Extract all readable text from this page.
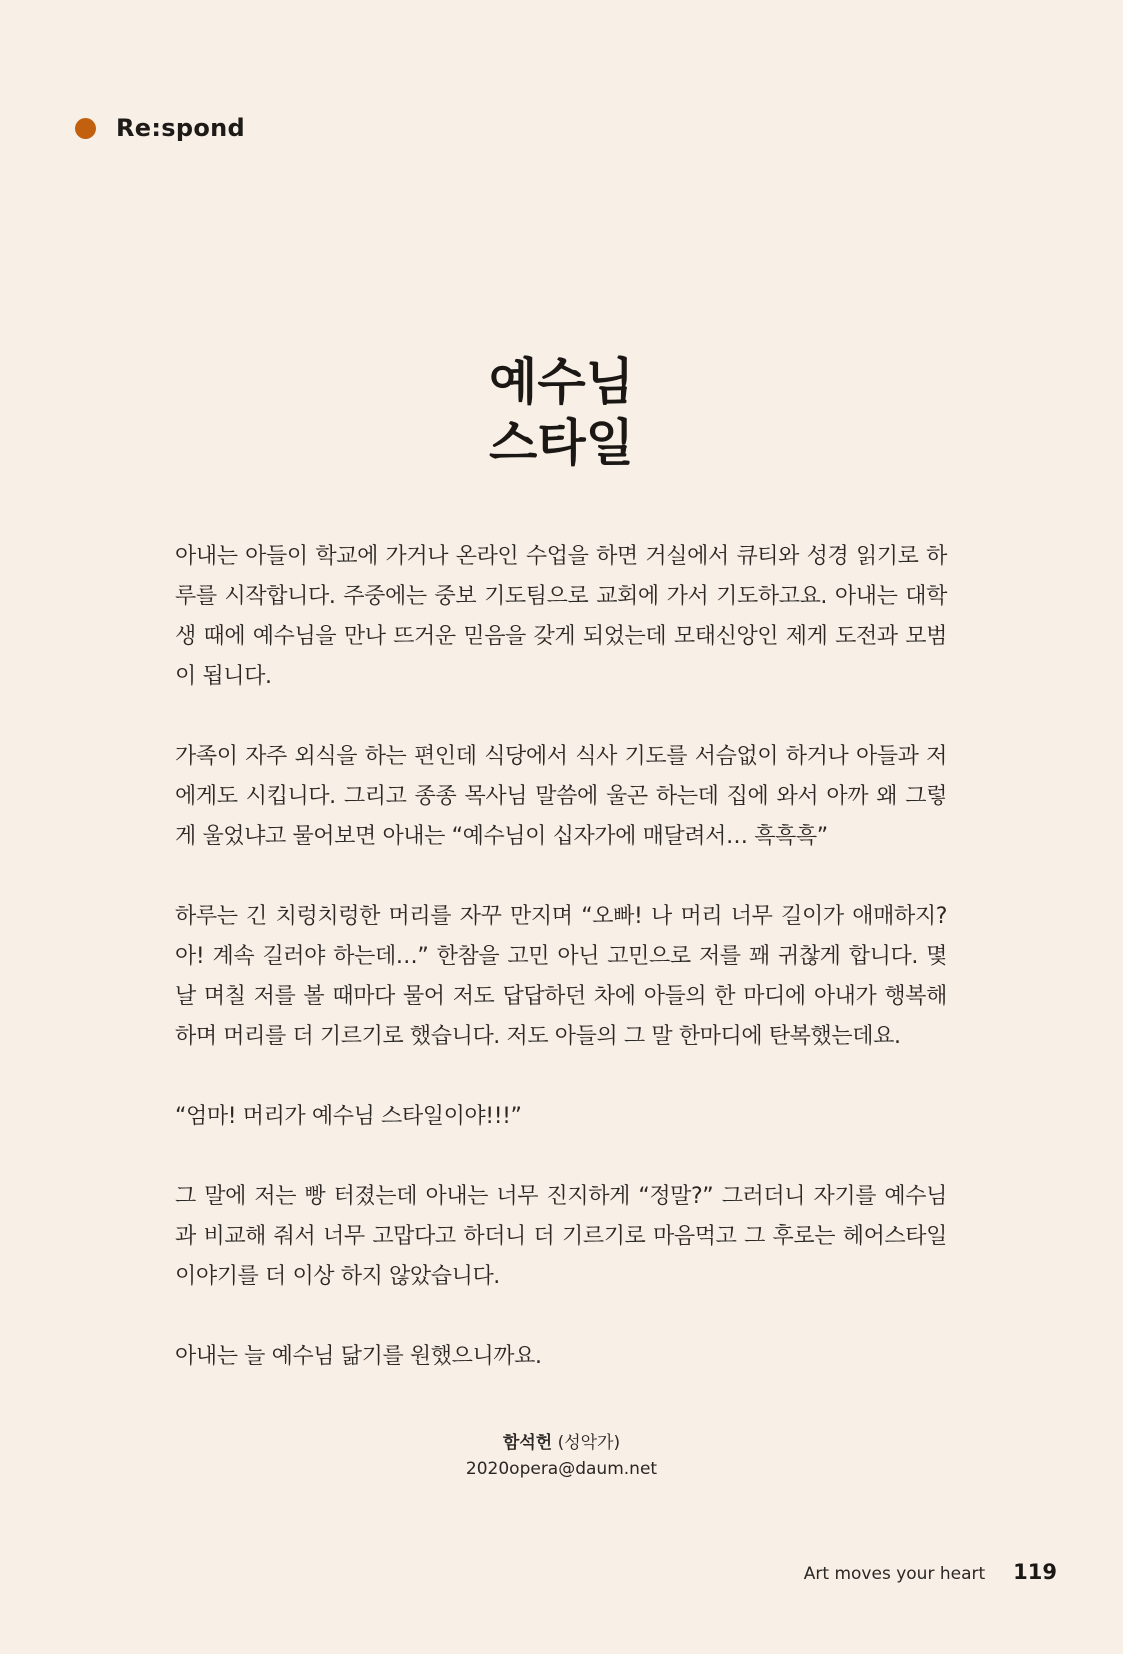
Re:spond
예수님
스타일

아내는 아들이 학교에 가거나 온라인 수업을 하면 거실에서 큐티와 성경 읽기로 하루를 시작합니다. 주중에는 중보 기도팀으로 교회에 가서 기도하고요. 아내는 대학생 때에 예수님을 만나 뜨거운 믿음을 갖게 되었는데 모태신앙인 제게 도전과 모범이 됩니다.

가족이 자주 외식을 하는 편인데 식당에서 식사 기도를 서슴없이 하거나 아들과 저에게도 시킵니다. 그리고 종종 목사님 말씀에 울곤 하는데 집에 와서 아까 왜 그렇게 울었냐고 물어보면 아내는 “예수님이 십자가에 매달려서… 흑흑흑”

하루는 긴 치렁치렁한 머리를 자꾸 만지며 “오빠! 나 머리 너무 길이가 애매하지? 아! 계속 길러야 하는데…” 한참을 고민 아닌 고민으로 저를 꽤 귀찮게 합니다. 몇 날 며칠 저를 볼 때마다 물어 저도 답답하던 차에 아들의 한 마디에 아내가 행복해하며 머리를 더 기르기로 했습니다. 저도 아들의 그 말 한마디에 탄복했는데요.

“엄마! 머리가 예수님 스타일이야!!!”

그 말에 저는 빵 터졌는데 아내는 너무 진지하게 “정말?” 그러더니 자기를 예수님과 비교해 줘서 너무 고맙다고 하더니 더 기르기로 마음먹고 그 후로는 헤어스타일 이야기를 더 이상 하지 않았습니다.

아내는 늘 예수님 닮기를 원했으니까요.

함석헌 (성악가)
2020opera@daum.net
Art moves your heart 119
